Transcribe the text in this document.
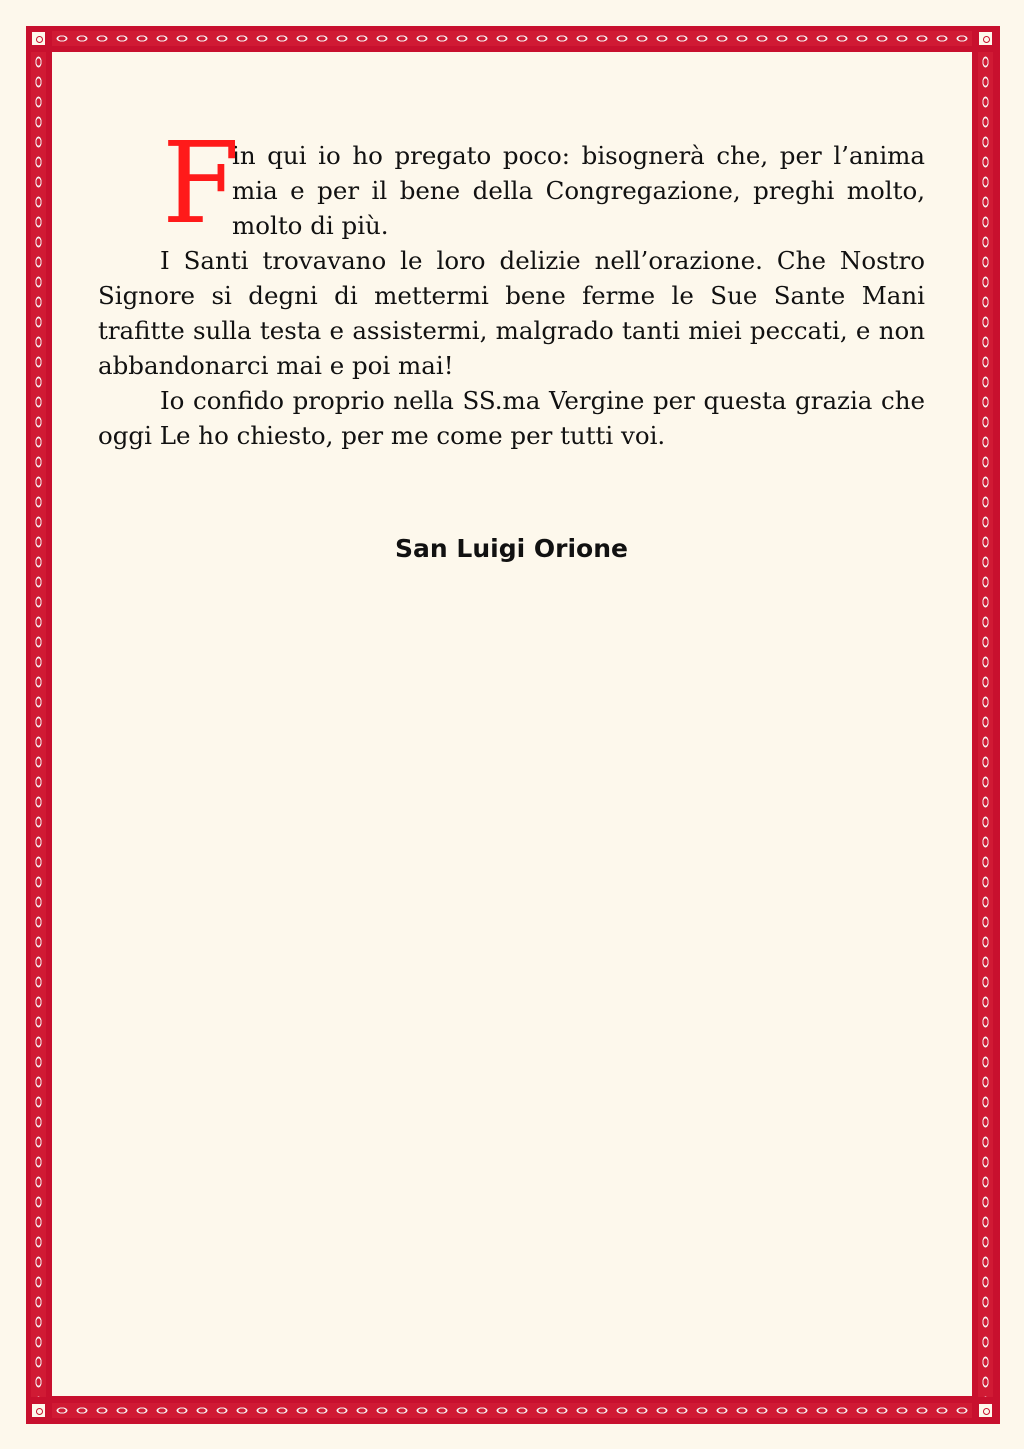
F
in qui io ho pregato poco: bisognerà che, per l’anima mia e per il bene della Congregazione, preghi molto, molto di più.

I Santi trovavano le loro delizie nell’orazione. Che Nostro Signore si degni di mettermi bene ferme le Sue Sante Mani trafitte sulla testa e assistermi, malgrado tanti miei peccati, e non abbandonarci mai e poi mai!

Io confido proprio nella SS.ma Vergine per questa grazia che oggi Le ho chiesto, per me come per tutti voi.

San Luigi Orione
